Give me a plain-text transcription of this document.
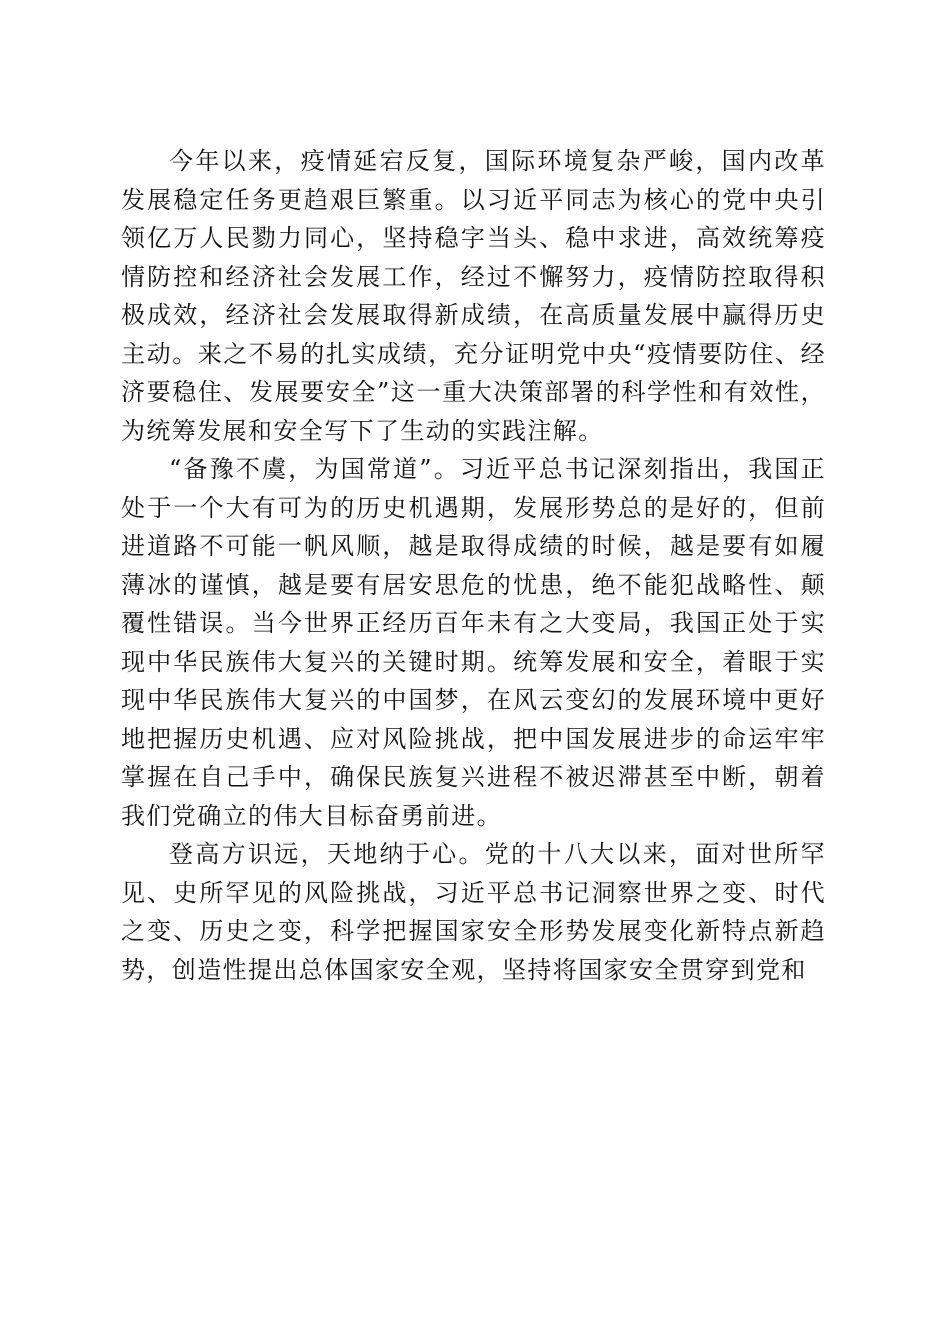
今年以来，疫情延宕反复，国际环境复杂严峻，国内改革发展稳定任务更趋艰巨繁重。以习近平同志为核心的党中央引领亿万人民勠力同心，坚持稳字当头、稳中求进，高效统筹疫情防控和经济社会发展工作，经过不懈努力，疫情防控取得积极成效，经济社会发展取得新成绩，在高质量发展中赢得历史主动。来之不易的扎实成绩，充分证明党中央“疫情要防住、经济要稳住、发展要安全”这一重大决策部署的科学性和有效性，为统筹发展和安全写下了生动的实践注解。

“备豫不虞，为国常道”。习近平总书记深刻指出，我国正处于一个大有可为的历史机遇期，发展形势总的是好的，但前进道路不可能一帆风顺，越是取得成绩的时候，越是要有如履薄冰的谨慎，越是要有居安思危的忧患，绝不能犯战略性、颠覆性错误。当今世界正经历百年未有之大变局，我国正处于实现中华民族伟大复兴的关键时期。统筹发展和安全，着眼于实现中华民族伟大复兴的中国梦，在风云变幻的发展环境中更好地把握历史机遇、应对风险挑战，把中国发展进步的命运牢牢掌握在自己手中，确保民族复兴进程不被迟滞甚至中断，朝着我们党确立的伟大目标奋勇前进。

登高方识远，天地纳于心。党的十八大以来，面对世所罕见、史所罕见的风险挑战，习近平总书记洞察世界之变、时代之变、历史之变，科学把握国家安全形势发展变化新特点新趋势，创造性提出总体国家安全观，坚持将国家安全贯穿到党和
